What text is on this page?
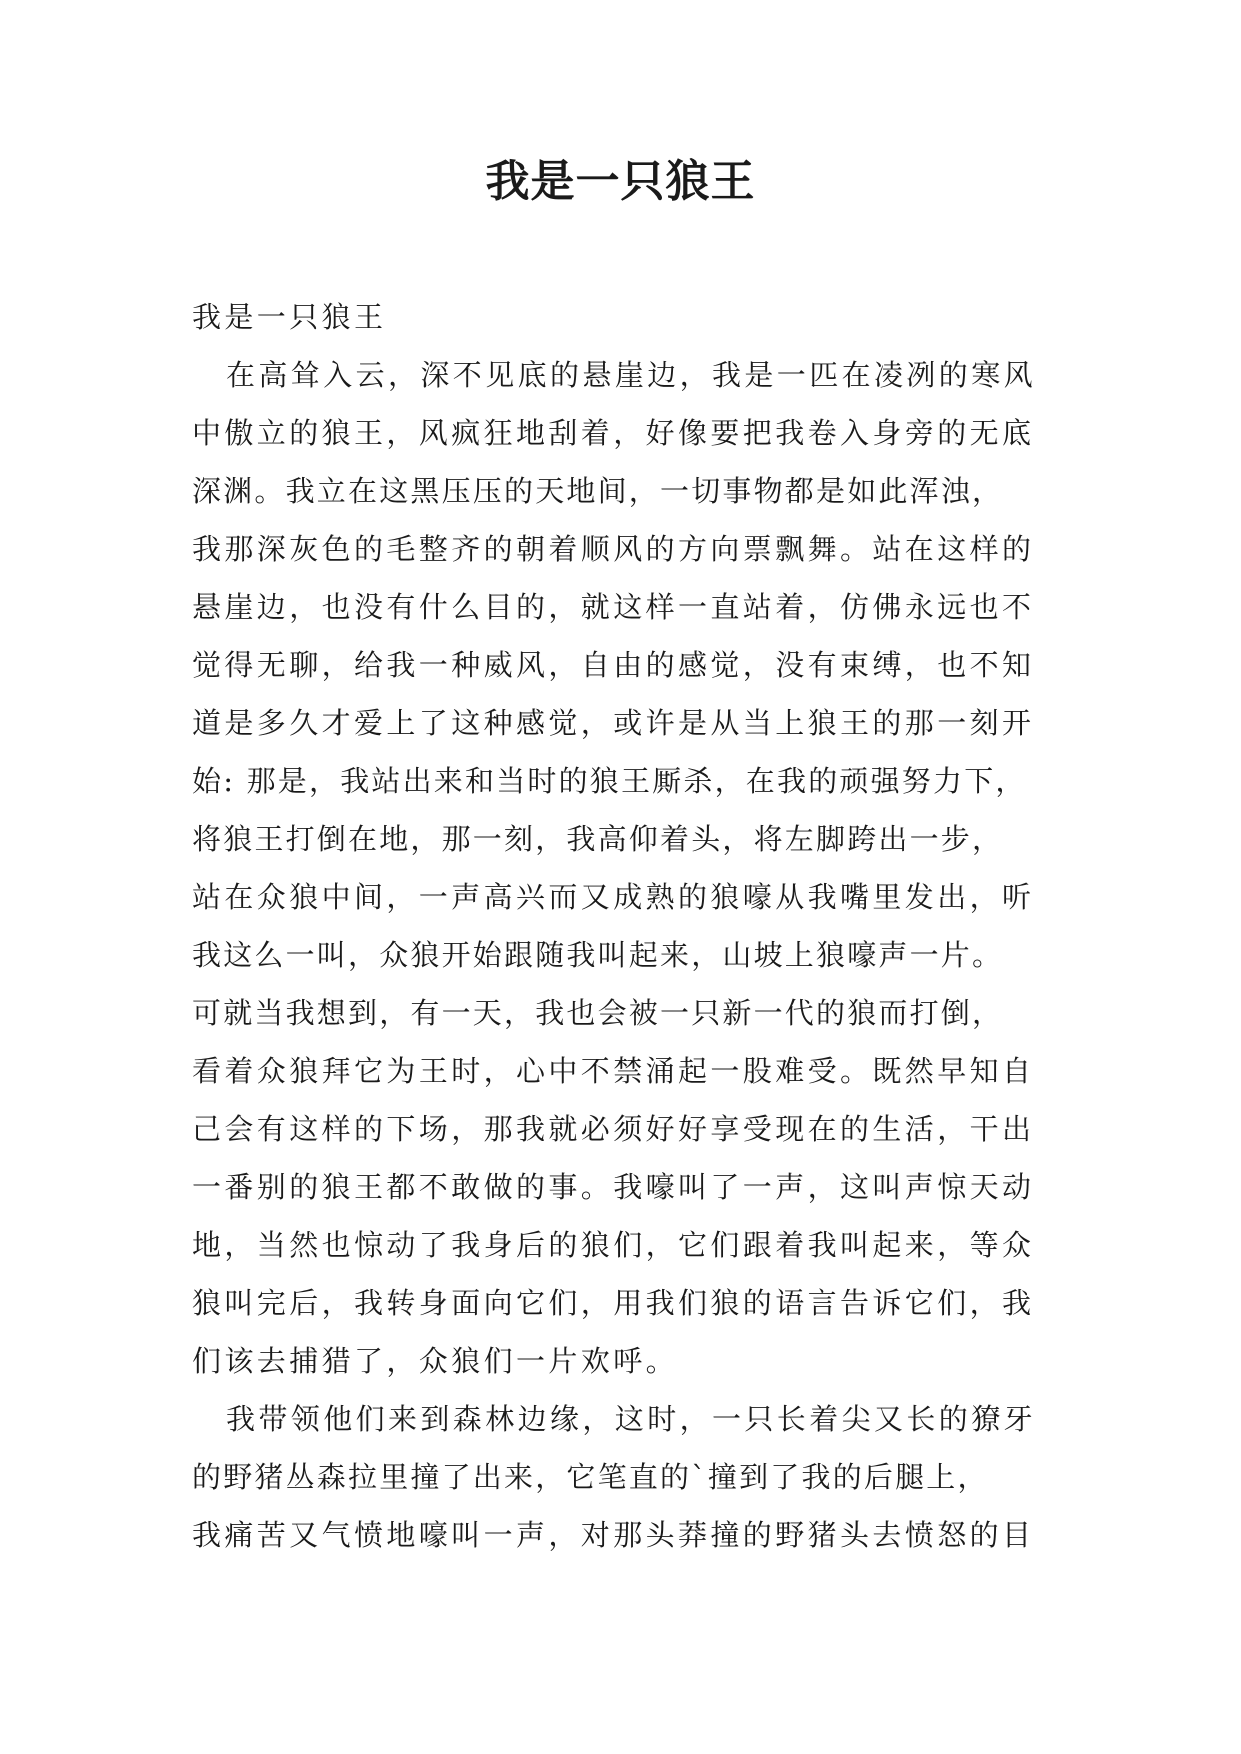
我是一只狼王
我是一只狼王
在高耸入云，深不见底的悬崖边，我是一匹在凌冽的寒风
中傲立的狼王，风疯狂地刮着，好像要把我卷入身旁的无底
深渊。我立在这黑压压的天地间，一切事物都是如此浑浊，
我那深灰色的毛整齐的朝着顺风的方向票飘舞。站在这样的
悬崖边，也没有什么目的，就这样一直站着，仿佛永远也不
觉得无聊，给我一种威风，自由的感觉，没有束缚，也不知
道是多久才爱上了这种感觉，或许是从当上狼王的那一刻开
始: 那是，我站出来和当时的狼王厮杀，在我的顽强努力下，
将狼王打倒在地，那一刻，我高仰着头，将左脚跨出一步，
站在众狼中间，一声高兴而又成熟的狼嚎从我嘴里发出，听
我这么一叫，众狼开始跟随我叫起来，山坡上狼嚎声一片。
可就当我想到，有一天，我也会被一只新一代的狼而打倒，
看着众狼拜它为王时，心中不禁涌起一股难受。既然早知自
己会有这样的下场，那我就必须好好享受现在的生活，干出
一番别的狼王都不敢做的事。我嚎叫了一声，这叫声惊天动
地，当然也惊动了我身后的狼们，它们跟着我叫起来，等众
狼叫完后，我转身面向它们，用我们狼的语言告诉它们，我
们该去捕猎了，众狼们一片欢呼。
我带领他们来到森林边缘，这时，一只长着尖又长的獠牙
的野猪丛森拉里撞了出来，它笔直的`撞到了我的后腿上，
我痛苦又气愤地嚎叫一声，对那头莽撞的野猪头去愤怒的目
